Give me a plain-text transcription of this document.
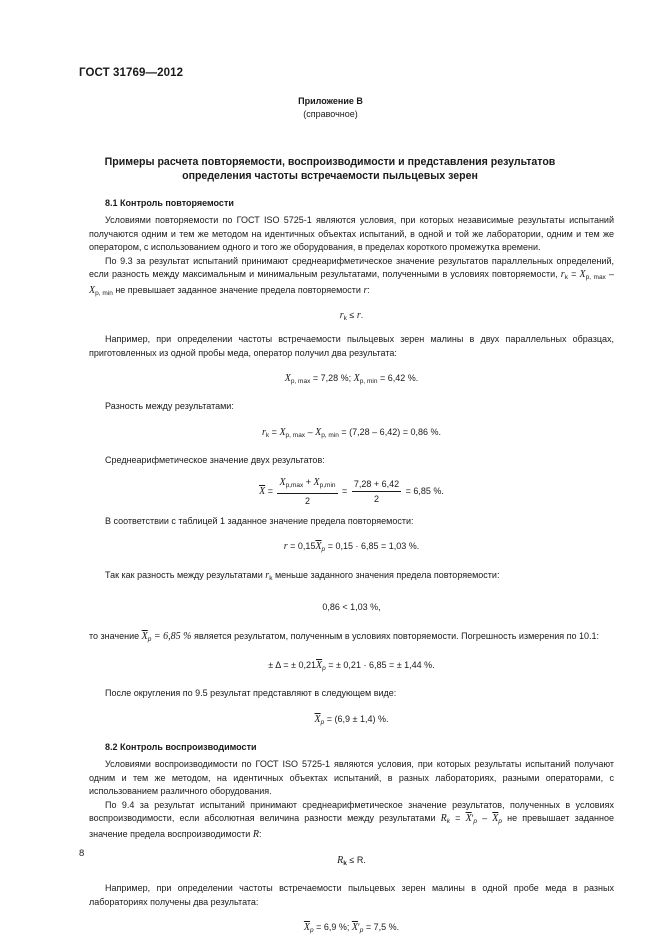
ГОСТ 31769—2012
Приложение В
(справочное)
Примеры расчета повторяемости, воспроизводимости и представления результатов определения частоты встречаемости пыльцевых зерен
8.1 Контроль повторяемости

Условиями повторяемости по ГОСТ ISO 5725-1 являются условия, при которых независимые результаты испытаний получаются одним и тем же методом на идентичных объектах испытаний, в одной и той же лаборатории, одним и тем же оператором, с использованием одного и того же оборудования, в пределах короткого промежутка времени.

По 9.3 за результат испытаний принимают среднеарифметическое значение результатов параллельных определений, если разность между максимальным и минимальным результатами, полученными в условиях повторяемости, $r_k = X_{p, max} - X_{p, min}$ не превышает заданное значение предела повторяемости r:

$r_k \le r$.

Например, при определении частоты встречаемости пыльцевых зерен малины в двух параллельных образцах, приготовленных из одной пробы меда, оператор получил два результата:

$X_{p, max} = 7,28$ %; $X_{p, min} = 6,42$ %.

Разность между результатами:

$r_k = X_{p, max} - X_{p, min} = (7,28 - 6,42) = 0,86$ %.

Среднеарифметическое значение двух результатов:

$\overline{X} = \frac{X_{p,max} + X_{p,min}}{2} = \frac{7,28 + 6,42}{2} = 6,85$ %.

В соответствии с таблицей 1 заданное значение предела повторяемости:

$r = 0,15\overline{X}_p = 0,15 \cdot 6,85 = 1,03$ %.

Так как разность между результатами $r_k$ меньше заданного значения предела повторяемости:

0,86 < 1,03 %,

то значение $\overline{X}_p = 6,85$ % является результатом, полученным в условиях повторяемости. Погрешность измерения по 10.1:

± Δ = ± $0,21\overline{X}_p$ = ± 0,21 · 6,85 = ± 1,44 %.

После округления по 9.5 результат представляют в следующем виде:

$\overline{X}_p = (6,9 \pm 1,4)$ %.

8.2 Контроль воспроизводимости

Условиями воспроизводимости по ГОСТ ISO 5725-1 являются условия, при которых результаты испытаний получают одним и тем же методом, на идентичных объектах испытаний, в разных лабораториях, разными операторами, с использованием различного оборудования.

По 9.4 за результат испытаний принимают среднеарифметическое значение результатов, полученных в условиях воспроизводимости, если абсолютная величина разности между результатами $R_k = \overline{X}'_p - \overline{X}_p$ не превышает заданное значение предела воспроизводимости R:

$R_k \le R$.

Например, при определении частоты встречаемости пыльцевых зерен малины в одной пробе меда в разных лабораториях получены два результата:

$\overline{X}_p = 6,9$ %; $\overline{X}'_p = 7,5$ %.

8
